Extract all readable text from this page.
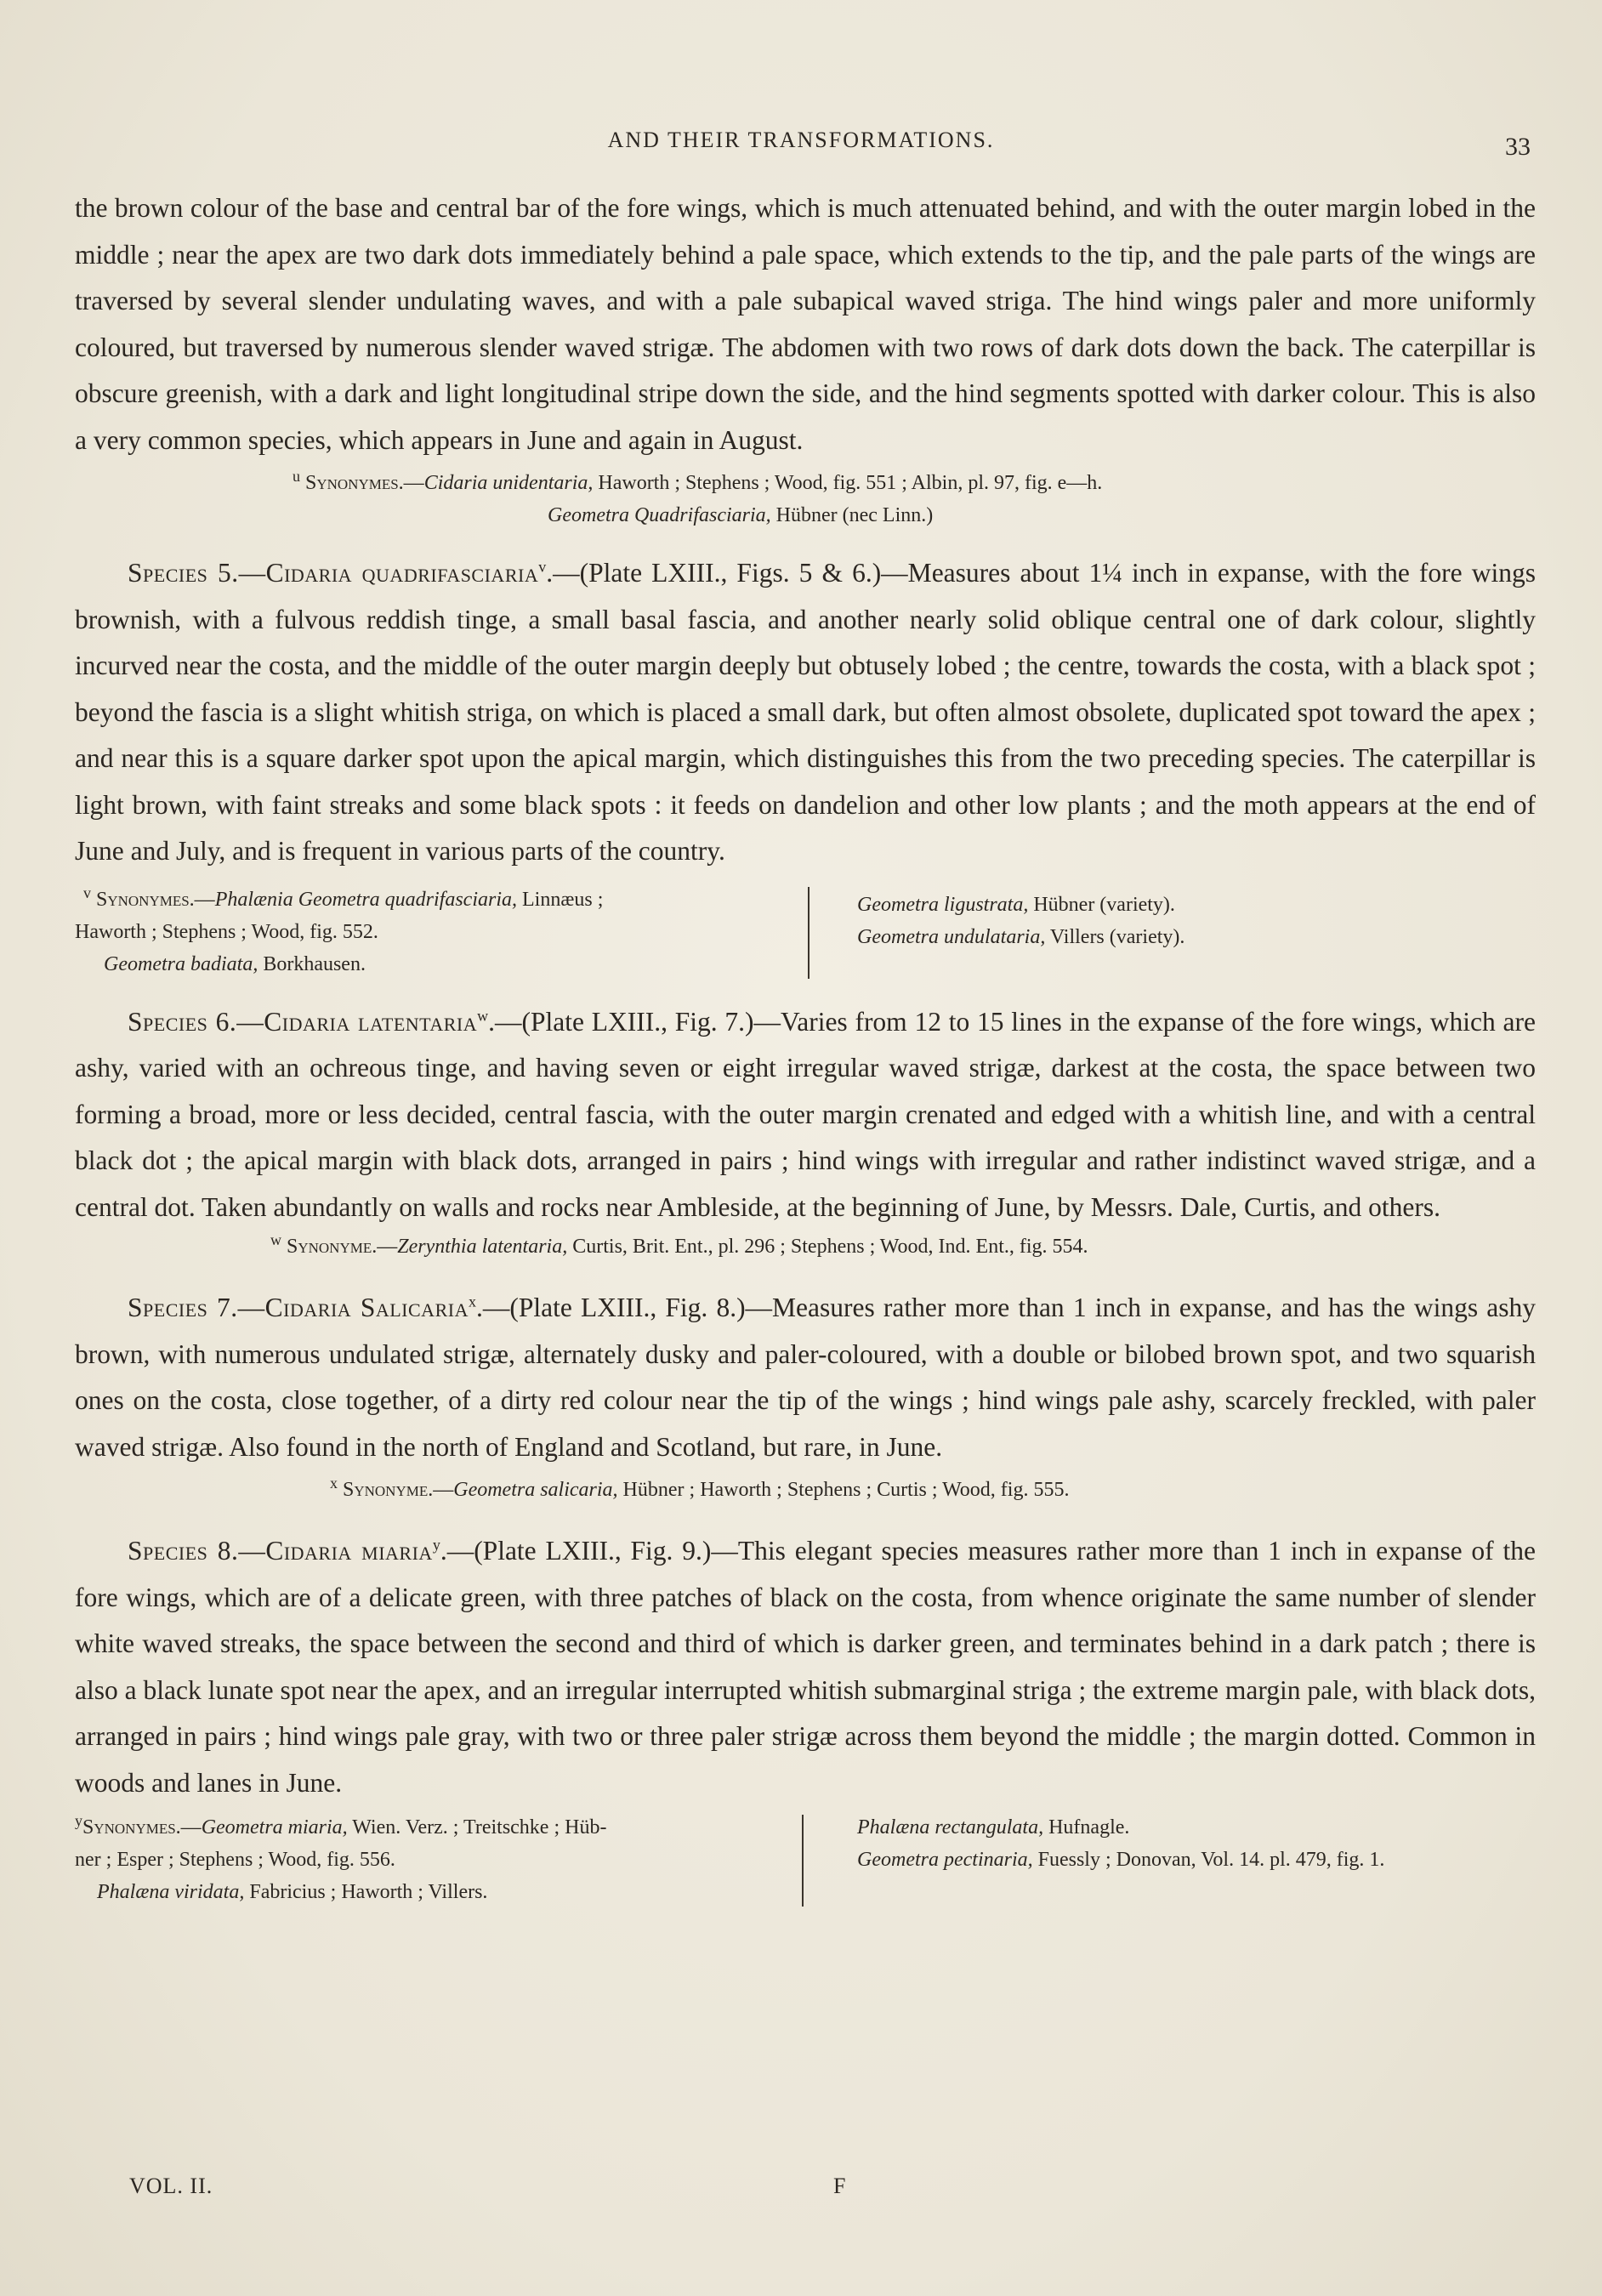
AND THEIR TRANSFORMATIONS.	33

the brown colour of the base and central bar of the fore wings, which is much attenuated behind, and with the outer margin lobed in the middle ; near the apex are two dark dots immediately behind a pale space, which extends to the tip, and the pale parts of the wings are traversed by several slender undulating waves, and with a pale subapical waved striga. The hind wings paler and more uniformly coloured, but traversed by numerous slender waved strigæ. The abdomen with two rows of dark dots down the back. The caterpillar is obscure greenish, with a dark and light longitudinal stripe down the side, and the hind segments spotted with darker colour. This is also a very common species, which appears in June and again in August.

$^u$ Synonymes.—Cidaria unidentaria, Haworth ; Stephens ; Wood, fig. 551 ; Albin, pl. 97, fig. e—h.

Geometra Quadrifasciaria, Hübner (nec Linn.)

Species 5.—Cidaria quadrifasciaria$^v$.—(Plate LXIII., Figs. 5 & 6.)—Measures about 1¼ inch in expanse, with the fore wings brownish, with a fulvous reddish tinge, a small basal fascia, and another nearly solid oblique central one of dark colour, slightly incurved near the costa, and the middle of the outer margin deeply but obtusely lobed ; the centre, towards the costa, with a black spot ; beyond the fascia is a slight whitish striga, on which is placed a small dark, but often almost obsolete, duplicated spot toward the apex ; and near this is a square darker spot upon the apical margin, which distinguishes this from the two preceding species. The caterpillar is light brown, with faint streaks and some black spots : it feeds on dandelion and other low plants ; and the moth appears at the end of June and July, and is frequent in various parts of the country.

$^v$ Synonymes.—Phalænia Geometra quadrifasciaria, Linnæus ;

Haworth ; Stephens ; Wood, fig. 552.

Geometra badiata, Borkhausen.

Geometra ligustrata, Hübner (variety).

Geometra undulataria, Villers (variety).

Species 6.—Cidaria latentaria$^w$.—(Plate LXIII., Fig. 7.)—Varies from 12 to 15 lines in the expanse of the fore wings, which are ashy, varied with an ochreous tinge, and having seven or eight irregular waved strigæ, darkest at the costa, the space between two forming a broad, more or less decided, central fascia, with the outer margin crenated and edged with a whitish line, and with a central black dot ; the apical margin with black dots, arranged in pairs ; hind wings with irregular and rather indistinct waved strigæ, and a central dot. Taken abundantly on walls and rocks near Ambleside, at the beginning of June, by Messrs. Dale, Curtis, and others.

$^w$ Synonyme.—Zerynthia latentaria, Curtis, Brit. Ent., pl. 296 ; Stephens ; Wood, Ind. Ent., fig. 554.

Species 7.—Cidaria Salicaria$^x$.—(Plate LXIII., Fig. 8.)—Measures rather more than 1 inch in expanse, and has the wings ashy brown, with numerous undulated strigæ, alternately dusky and paler-coloured, with a double or bilobed brown spot, and two squarish ones on the costa, close together, of a dirty red colour near the tip of the wings ; hind wings pale ashy, scarcely freckled, with paler waved strigæ. Also found in the north of England and Scotland, but rare, in June.

$^x$ Synonyme.—Geometra salicaria, Hübner ; Haworth ; Stephens ; Curtis ; Wood, fig. 555.

Species 8.—Cidaria miaria$^y$.—(Plate LXIII., Fig. 9.)—This elegant species measures rather more than 1 inch in expanse of the fore wings, which are of a delicate green, with three patches of black on the costa, from whence originate the same number of slender white waved streaks, the space between the second and third of which is darker green, and terminates behind in a dark patch ; there is also a black lunate spot near the apex, and an irregular interrupted whitish submarginal striga ; the extreme margin pale, with black dots, arranged in pairs ; hind wings pale gray, with two or three paler strigæ across them beyond the middle ; the margin dotted. Common in woods and lanes in June.

$^y$Synonymes.—Geometra miaria, Wien. Verz. ; Treitschke ; Hüb-

ner ; Esper ; Stephens ; Wood, fig. 556.

Phalæna viridata, Fabricius ; Haworth ; Villers.

Phalæna rectangulata, Hufnagle.

Geometra pectinaria, Fuessly ; Donovan, Vol. 14. pl. 479, fig. 1.

VOL. II.	F
